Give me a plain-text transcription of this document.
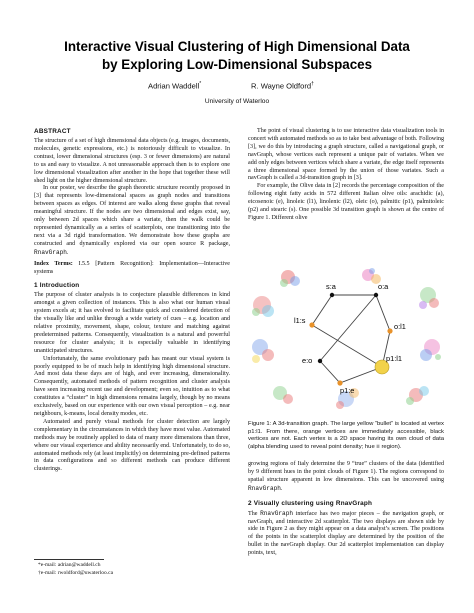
Interactive Visual Clustering of High Dimensional Data
by Exploring Low-Dimensional Subspaces
Adrian Waddell*	R. Wayne Oldford†
University of Waterloo
ABSTRACT
The structure of a set of high dimensional data objects (e.g. images, documents, molecules, genetic expressions, etc.) is notoriously difficult to visualize. In contrast, lower dimensional structures (esp. 3 or fewer dimensions) are natural to us and easy to visualize. A not unreasonable approach then is to explore one low dimensional visualization after another in the hope that together these will shed light on the higher dimensional structure.
In our poster, we describe the graph theoretic structure recently proposed in [3] that represents low-dimensional spaces as graph nodes and transitions between spaces as edges. Of interest are walks along these graphs that reveal meaningful structure. If the nodes are two dimensional and edges exist, say, only between 2d spaces which share a variate, then the walk could be represented dynamically as a series of scatterplots, one transitioning into the next via a 3d rigid transformation. We demonstrate how these graphs are constructed and dynamically explored via our open source R package, RnavGraph.
Index Terms: I.5.5 [Pattern Recognition]: Implementation—Interactive systems
1 Introduction
The purpose of cluster analysis is to conjecture plausible differences in kind amongst a given collection of instances. This is also what our human visual system excels at; it has evolved to facilitate quick and considered detection of the visually like and unlike through a wide variety of cues – e.g. location and relative proximity, movement, shape, colour, texture and matching against predetermined patterns. Consequently, visualization is a natural and powerful resource for cluster analysis; it is especially valuable in identifying unanticipated structures.
Unfortunately, the same evolutionary path has meant our visual system is poorly equipped to be of much help in identifying high dimensional structure. And most data these days are of high, and ever increasing, dimensionality. Consequently, automated methods of pattern recognition and cluster analysis have seen increasing recent use and development; even so, intuition as to what constitutes a “cluster” in high dimensions remains largely, though by no means exclusively, based on our experience with our own visual perception – e.g. near neighbours, k-means, local density modes, etc.
Automated and purely visual methods for cluster detection are largely complementary in the circumstances in which they have most value. Automated methods may be routinely applied to data of many more dimensions than three, where our visual experience and ability necessarily end. Unfortunately, to do so, automated methods rely (at least implicitly) on determining pre-defined patterns in data configurations and so different methods can produce different clusterings.
*e-mail: adrian@waddell.ch
†e-mail: rwoldford@uwaterloo.ca
The point of visual clustering is to use interactive data visualization tools in concert with automated methods so as to take best advantage of both. Following [3], we do this by introducing a graph structure, called a navigational graph, or navGraph, whose vertices each represent a unique pair of variates. When we add only edges between vertices which share a variate, the edge itself represents a three dimensional space formed by the union of those variates. Such a navGraph is called a 3d-transition graph in [3].
For example, the Olive data in [2] records the percentage composition of the following eight fatty acids in 572 different Italian olive oils: arachidic (a), eicosenoic (e), linoleic (l1), linolenic (l2), oleic (o), palmitic (p1), palmitoleic (p2) and stearic (s). One possible 3d transition graph is shown at the centre of Figure 1. Different olive
s:a	o:a
l1:s
o:l1
e:o	p1:l1
p1:e
Figure 1: A 3d-transition graph. The large yellow “bullet” is located at vertex p1:l1. From there, orange vertices are immediately accessible, black vertices are not. Each vertex is a 2D space having its own cloud of data (alpha blending used to reveal point density; hue ≡ region).
growing regions of Italy determine the 9 “true” clusters of the data (identified by 9 different hues in the point clouds of Figure 1). The regions correspond to spatial structure apparent in low dimensions. This can be uncovered using RnavGraph.
2 Visually clustering using RnavGraph
The RnavGraph interface has two major pieces – the navigation graph, or navGraph, and interactive 2d scatterplot. The two displays are shown side by side in Figure 2 as they might appear on a data analyst’s screen. The positions of the points in the scatterplot display are determined by the position of the bullet in the navGraph display. Our 2d scatterplot implementation can display points, text,
